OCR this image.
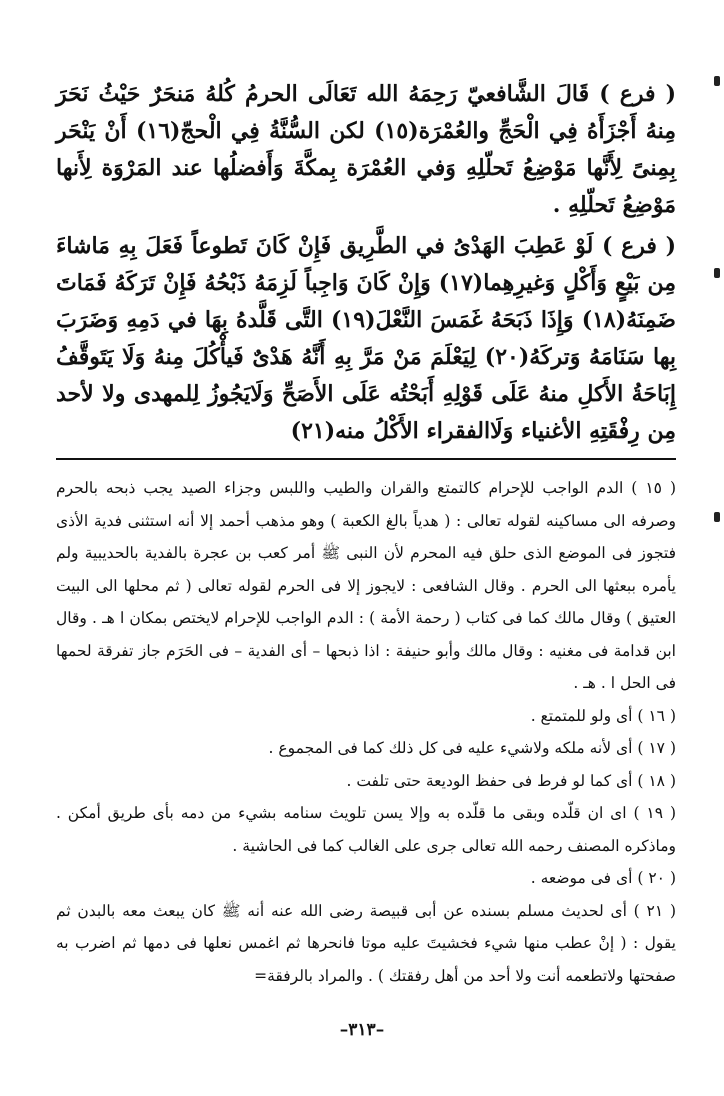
( فرع ) قَالَ الشَّافعيّ رَحِمَهُ الله تَعَالَى الحرمُ كُلهُ مَنحَرٌ حَيْثُ نَحَرَ مِنهُ أَجْزَأَهُ فِي الْحَجِّ والعُمْرَة(١٥) لكن السُّنَّةُ فِي الْحجّ(١٦) أَنْ يَنْحَر بِمِنىً لِأَنَّها مَوْضِعُ تَحلّلِهِ وَفي العُمْرَة بِمكَّةَ وَأَفضلُها عند المَرْوَة لِأَنها مَوْضِعُ تَحلّلِهِ .

( فرع ) لَوْ عَطِبَ الهَدْىُ في الطَّرِيق فَإِنْ كَانَ تَطوعاً فَعَلَ بِهِ مَاشاءَ مِن بَيْعٍ وَأَكْلٍ وَغيرِهِما(١٧) وَإِنْ كَانَ وَاجِباً لَزِمَهُ ذَبْحُهُ فَإِنْ تَرَكَهُ فَمَاتَ ضَمِنَهُ(١٨) وَإِذَا ذَبَحَهُ غَمَسَ النَّعْلَ(١٩) التَّى قَلَّدهُ بِهَا في دَمِهِ وَضَرَبَ بِها سَنَامَهُ وَتركَهُ(٢٠) لِيَعْلَمَ مَنْ مَرَّ بِهِ أَنَّهُ هَدْىٌ فَيأْكُلَ مِنهُ وَلَا يَتَوقَّفُ إِبَاحَةُ الأَكلِ منهُ عَلَى قَوْلِهِ أَبَحْتُه عَلَى الأَصَحِّ وَلَايَجُوزُ لِلمهدى ولا لأحد مِن رِفْقَتِهِ الأغنياء وَلَاالفقراء الأَكْلُ منه(٢١)

( ١٥ ) الدم الواجب للإحرام كالتمتع والقران والطيب واللبس وجزاء الصيد يجب ذبحه بالحرم وصرفه الى مساكينه لقوله تعالى : ( هدياً بالغ الكعبة ) وهو مذهب أحمد إلا أنه استثنى فدية الأذى فتجوز فى الموضع الذى حلق فيه المحرم لأن النبى ﷺ أمر كعب بن عجرة بالفدية بالحديبية ولم يأمره ببعثها الى الحرم . وقال الشافعى : لايجوز إلا فى الحرم لقوله تعالى ( ثم محلها الى البيت العتيق ) وقال مالك كما فى كتاب ( رحمة الأمة ) : الدم الواجب للإحرام لايختص بمكان ا هـ . وقال ابن قدامة فى مغنيه : وقال مالك وأبو حنيفة : اذا ذبحها – أى الفدية – فى الحَرَم جاز تفرقة لحمها فى الحل ا . هـ .

( ١٦ ) أى ولو للمتمتع .

( ١٧ ) أى لأنه ملكه ولاشيء عليه فى كل ذلك كما فى المجموع .

( ١٨ ) أى كما لو فرط فى حفظ الوديعة حتى تلفت .

( ١٩ ) اى ان قلّده وبقى ما قلّده به وإلا يسن تلويث سنامه بشيء من دمه بأى طريق أمكن . وماذكره المصنف رحمه الله تعالى جرى على الغالب كما فى الحاشية .

( ٢٠ ) أى فى موضعه .

( ٢١ ) أى لحديث مسلم بسنده عن أبى قبيصة رضى الله عنه أنه ﷺ كان يبعث معه بالبدن ثم يقول : ( إنْ عطب منها شيء فخشيتَ عليه موتا فانحرها ثم اغمس نعلها فى دمها ثم اضرب به صفحتها ولاتطعمه أنت ولا أحد من أهل رفقتك ) . والمراد بالرفقة=

–٣١٣–
